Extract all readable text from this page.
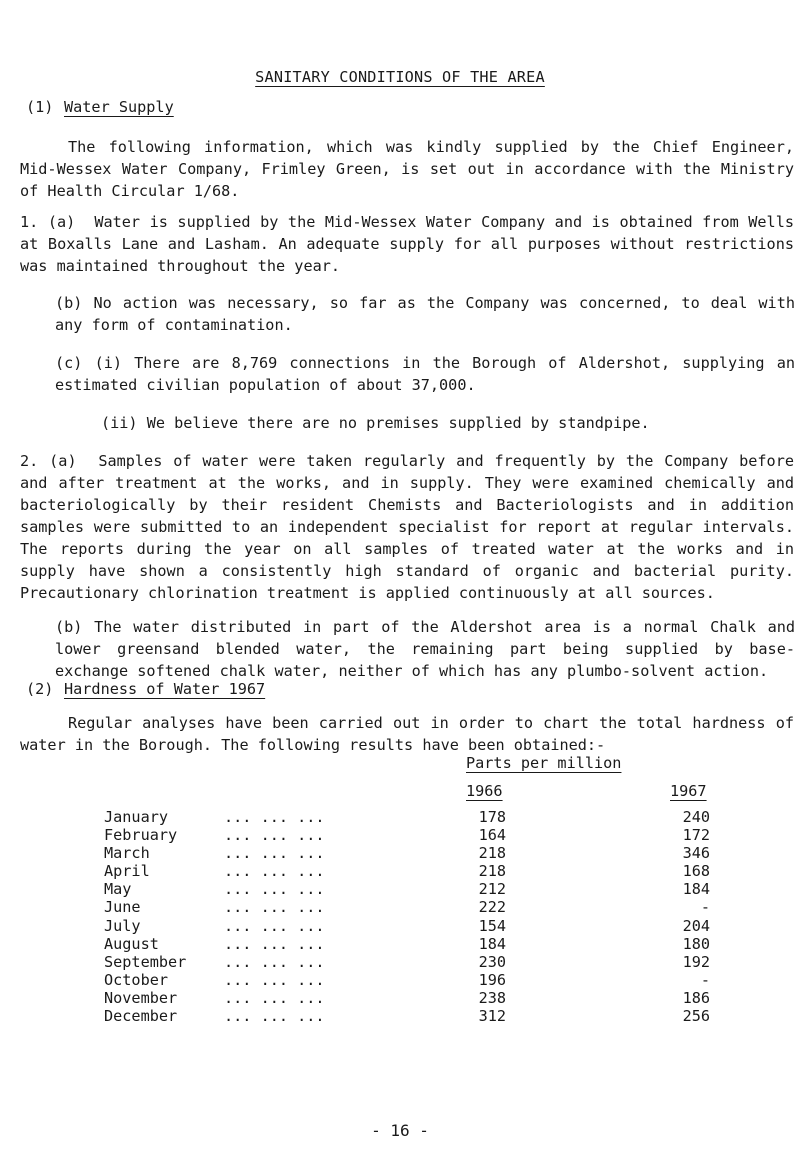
SANITARY CONDITIONS OF THE AREA
(1) Water Supply
The following information, which was kindly supplied by the Chief Engineer, Mid-Wessex Water Company, Frimley Green, is set out in accordance with the Ministry of Health Circular 1/68.
1. (a) Water is supplied by the Mid-Wessex Water Company and is obtained from Wells at Boxalls Lane and Lasham. An adequate supply for all purposes without restrictions was maintained throughout the year.
(b) No action was necessary, so far as the Company was concerned, to deal with any form of contamination.
(c) (i) There are 8,769 connections in the Borough of Aldershot, supplying an estimated civilian population of about 37,000.
(ii) We believe there are no premises supplied by standpipe.
2. (a) Samples of water were taken regularly and frequently by the Company before and after treatment at the works, and in supply. They were examined chemically and bacteriologically by their resident Chemists and Bacteriologists and in addition samples were submitted to an independent specialist for report at regular intervals. The reports during the year on all samples of treated water at the works and in supply have shown a consistently high standard of organic and bacterial purity. Precautionary chlorination treatment is applied continuously at all sources.
(b) The water distributed in part of the Aldershot area is a normal Chalk and lower greensand blended water, the remaining part being supplied by base-exchange softened chalk water, neither of which has any plumbo-solvent action.
(2) Hardness of Water 1967
Regular analyses have been carried out in order to chart the total hardness of water in the Borough. The following results have been obtained:-
Parts per million
1966	1967
January	... ... ...	178	240
February	... ... ...	164	172
March	... ... ...	218	346
April	... ... ...	218	168
May	... ... ...	212	184
June	... ... ...	222	-
July	... ... ...	154	204
August	... ... ...	184	180
September	... ... ...	230	192
October	... ... ...	196	-
November	... ... ...	238	186
December	... ... ...	312	256
- 16 -
